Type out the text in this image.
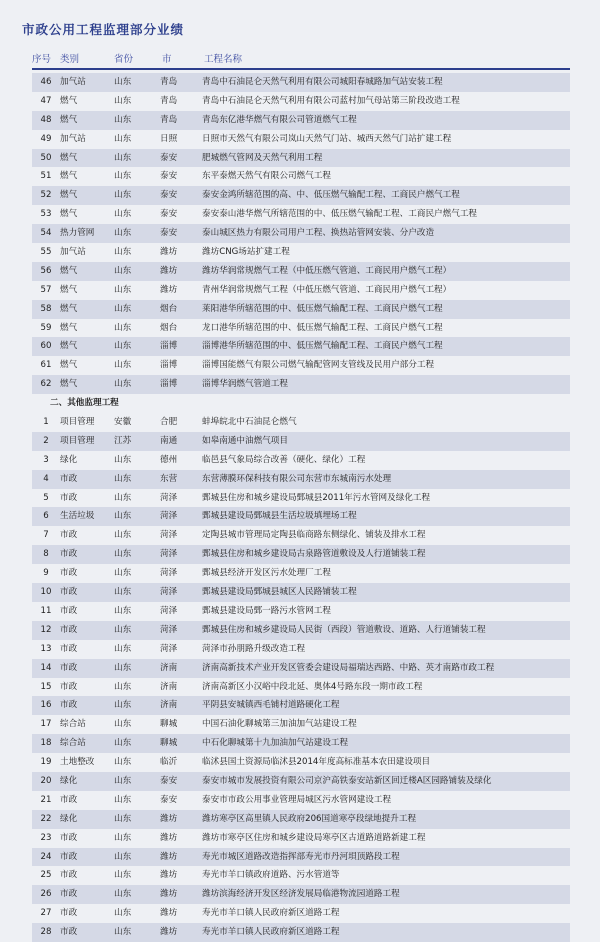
市政公用工程监理部分业绩
序号 类别	省份	市	工程名称
46 加气站	山东	青岛	青岛中石油昆仑天然气利用有限公司城阳春城路加气站安装工程
47 燃气	山东	青岛	青岛中石油昆仑天然气利用有限公司蓝村加气母站第三阶段改造工程
48 燃气	山东	青岛	青岛东亿港华燃气有限公司管道燃气工程
49 加气站	山东	日照	日照市天然气有限公司岚山天然气门站、城西天然气门站扩建工程
50 燃气	山东	泰安	肥城燃气管网及天然气利用工程
51 燃气	山东	泰安	东平泰燃天然气有限公司燃气工程
52 燃气	山东	泰安	泰安金鸿所辖范围的高、中、低压燃气输配工程、工商民户燃气工程
53 燃气	山东	泰安	泰安泰山港华燃气所辖范围的中、低压燃气输配工程、工商民户燃气工程
54 热力管网	山东	泰安	泰山城区热力有限公司用户工程、换热站管网安装、分户改造
55 加气站	山东	潍坊	潍坊CNG场站扩建工程
56 燃气	山东	潍坊	潍坊华润常规燃气工程（中低压燃气管道、工商民用户燃气工程）
57 燃气	山东	潍坊	青州华润常规燃气工程（中低压燃气管道、工商民用户燃气工程）
58 燃气	山东	烟台	莱阳港华所辖范围的中、低压燃气输配工程、工商民户燃气工程
59 燃气	山东	烟台	龙口港华所辖范围的中、低压燃气输配工程、工商民户燃气工程
60 燃气	山东	淄博	淄博港华所辖范围的中、低压燃气输配工程、工商民户燃气工程
61 燃气	山东	淄博	淄博国能燃气有限公司燃气输配管网支管线及民用户部分工程
62 燃气	山东	淄博	淄博华润燃气管道工程
二、其他监理工程
1	项目管理	安徽	合肥	蚌埠皖北中石油昆仑燃气
2	项目管理	江苏	南通	如皋南通中油燃气项目
3	绿化	山东	德州	临邑县气象局综合改善（硬化、绿化）工程
4	市政	山东	东营	东营薄膜环保科技有限公司东营市东城南污水处理
5	市政	山东	菏泽	鄄城县住房和城乡建设局鄄城县2011年污水管网及绿化工程
6	生活垃圾	山东	菏泽	鄄城县建设局鄄城县生活垃圾填埋场工程
7	市政	山东	菏泽	定陶县城市管理局定陶县临商路东侧绿化、铺装及排水工程
8	市政	山东	菏泽	鄄城县住房和城乡建设局古泉路管道敷设及人行道铺装工程
9	市政	山东	菏泽	鄄城县经济开发区污水处理厂工程
10 市政	山东	菏泽	鄄城县建设局鄄城县城区人民路铺装工程
11 市政	山东	菏泽	鄄城县建设局鄄一路污水管网工程
12 市政	山东	菏泽	鄄城县住房和城乡建设局人民街（西段）管道敷设、道路、人行道铺装工程
13 市政	山东	菏泽	菏泽市孙朋路升级改造工程
14 市政	山东	济南	济南高新技术产业开发区管委会建设局福瑞达西路、中路、英才南路市政工程
15 市政	山东	济南	济南高新区小汉峪中段北延、奥体4号路东段一期市政工程
16 市政	山东	济南	平阴县安城镇西毛铺村道路硬化工程
17 综合站	山东	聊城	中国石油化聊城第三加油加气站建设工程
18 综合站	山东	聊城	中石化聊城第十九加油加气站建设工程
19 土地整改	山东	临沂	临沭县国土资源局临沭县2014年度高标准基本农田建设项目
20 绿化	山东	泰安	泰安市城市发展投资有限公司京沪高铁泰安站新区回迁楼A区园路铺装及绿化
21 市政	山东	泰安	泰安市市政公用事业管理局城区污水管网建设工程
22 绿化	山东	潍坊	潍坊寒亭区高里镇人民政府206国道寒亭段绿地提升工程
23 市政	山东	潍坊	潍坊市寒亭区住房和城乡建设局寒亭区古道路道路新建工程
24 市政	山东	潍坊	寿光市城区道路改造指挥部寿光市丹河垻顶路段工程
25 市政	山东	潍坊	寿光市羊口镇政府道路、污水管道等
26 市政	山东	潍坊	潍坊滨海经济开发区经济发展局临港物流园道路工程
27 市政	山东	潍坊	寿光市羊口镇人民政府新区道路工程
28 市政	山东	潍坊	寿光市羊口镇人民政府新区道路工程
